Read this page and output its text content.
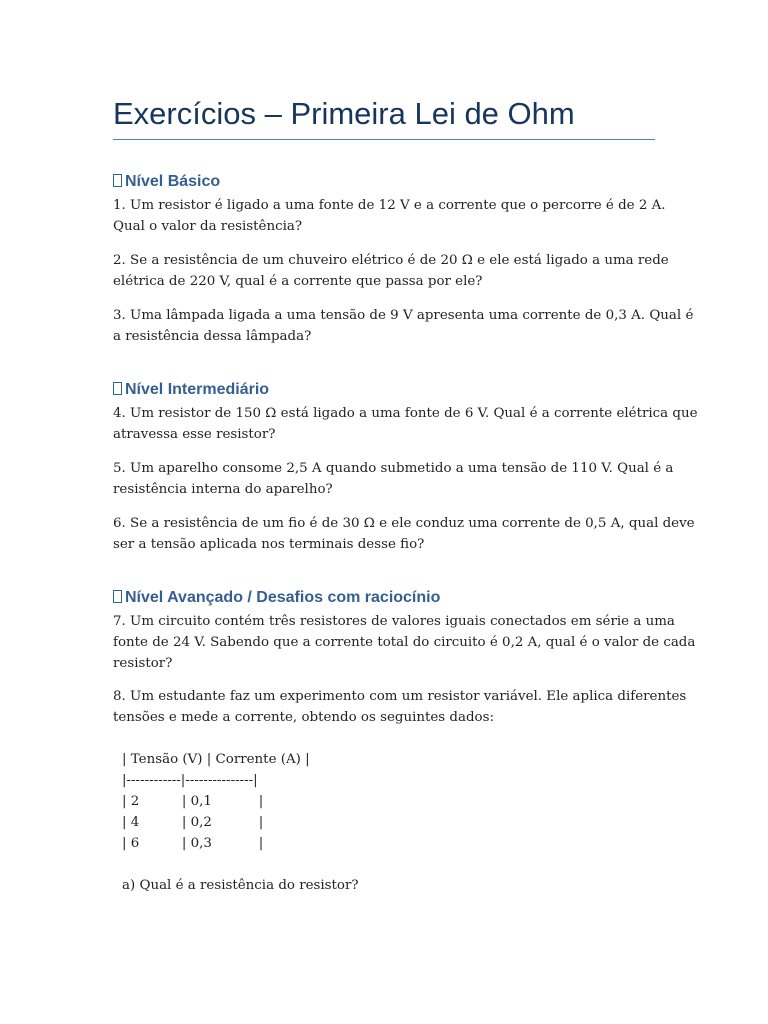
Exercícios – Primeira Lei de Ohm
Nível Básico
1. Um resistor é ligado a uma fonte de 12 V e a corrente que o percorre é de 2 A.
Qual o valor da resistência?
2. Se a resistência de um chuveiro elétrico é de 20 Ω e ele está ligado a uma rede
elétrica de 220 V, qual é a corrente que passa por ele?
3. Uma lâmpada ligada a uma tensão de 9 V apresenta uma corrente de 0,3 A. Qual é
a resistência dessa lâmpada?
Nível Intermediário
4. Um resistor de 150 Ω está ligado a uma fonte de 6 V. Qual é a corrente elétrica que
atravessa esse resistor?
5. Um aparelho consome 2,5 A quando submetido a uma tensão de 110 V. Qual é a
resistência interna do aparelho?
6. Se a resistência de um fio é de 30 Ω e ele conduz uma corrente de 0,5 A, qual deve
ser a tensão aplicada nos terminais desse fio?
Nível Avançado / Desafios com raciocínio
7. Um circuito contém três resistores de valores iguais conectados em série a uma
fonte de 24 V. Sabendo que a corrente total do circuito é 0,2 A, qual é o valor de cada
resistor?
8. Um estudante faz um experimento com um resistor variável. Ele aplica diferentes
tensões e mede a corrente, obtendo os seguintes dados:
| Tensão (V) | Corrente (A) |
|------------|---------------|
| 2          | 0,1           |
| 4          | 0,2           |
| 6          | 0,3           |
a) Qual é a resistência do resistor?
